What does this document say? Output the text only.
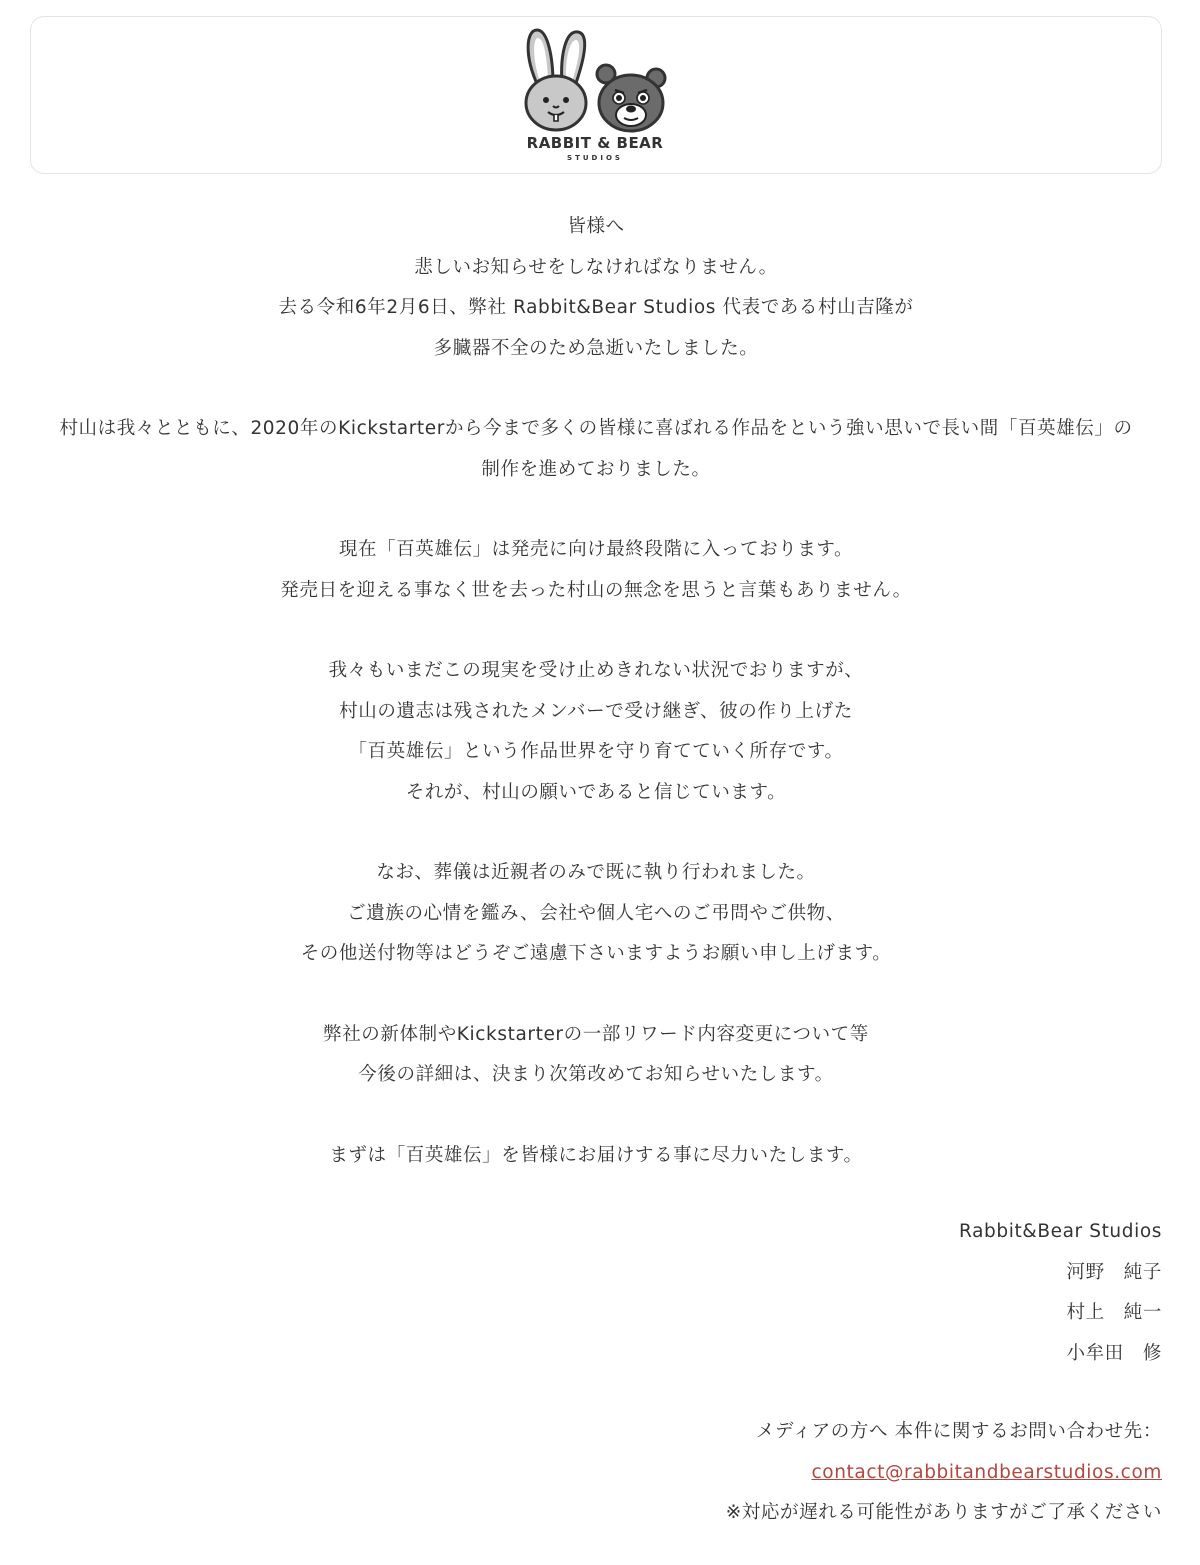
RABBIT & BEAR
STUDIOS
皆様へ
悲しいお知らせをしなければなりません。
去る令和6年2月6日、弊社 Rabbit&Bear Studios 代表である村山吉隆が
多臓器不全のため急逝いたしました。
村山は我々とともに、2020年のKickstarterから今まで多くの皆様に喜ばれる作品をという強い思いで長い間「百英雄伝」の
制作を進めておりました。
現在「百英雄伝」は発売に向け最終段階に入っております。
発売日を迎える事なく世を去った村山の無念を思うと言葉もありません。
我々もいまだこの現実を受け止めきれない状況でおりますが、
村山の遺志は残されたメンバーで受け継ぎ、彼の作り上げた
「百英雄伝」という作品世界を守り育てていく所存です。
それが、村山の願いであると信じています。
なお、葬儀は近親者のみで既に執り行われました。
ご遺族の心情を鑑み、会社や個人宅へのご弔問やご供物、
その他送付物等はどうぞご遠慮下さいますようお願い申し上げます。
弊社の新体制やKickstarterの一部リワード内容変更について等
今後の詳細は、決まり次第改めてお知らせいたします。
まずは「百英雄伝」を皆様にお届けする事に尽力いたします。
Rabbit&Bear Studios
河野　純子
村上　純一
小牟田　修
メディアの方へ 本件に関するお問い合わせ先：
contact@rabbitandbearstudios.com
※対応が遅れる可能性がありますがご了承ください
